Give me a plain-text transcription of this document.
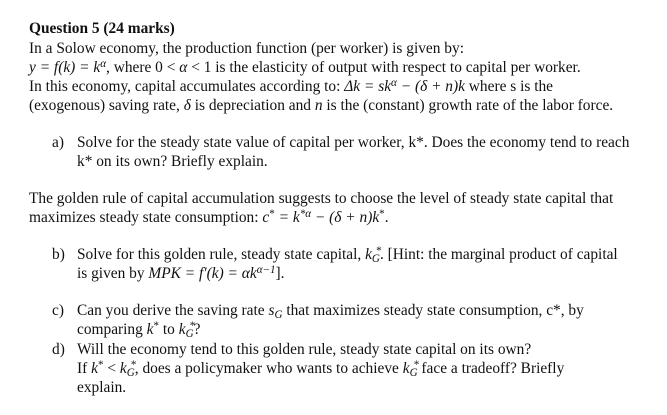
Question 5 (24 marks)
In a Solow economy, the production function (per worker) is given by:
$y = f(k) = k^\alpha$, where 0 < α < 1 is the elasticity of output with respect to capital per worker.
In this economy, capital accumulates according to: $\Delta k = sk^\alpha - (\delta + n)k$ where s is the
(exogenous) saving rate, δ is depreciation and n is the (constant) growth rate of the labor force.
a) Solve for the steady state value of capital per worker, k*. Does the economy tend to reach
k* on its own? Briefly explain.
The golden rule of capital accumulation suggests to choose the level of steady state capital that
maximizes steady state consumption: $c^* = k^{*\alpha} - (\delta + n)k^*$.
b) Solve for this golden rule, steady state capital, k *
$_G$. [Hint: the marginal product of capital
is given by MPK = $f'(k) = \alpha k^{\alpha-1}$].
c) Can you derive the saving rate $s_G$ that maximizes steady state consumption, c*, by
comparing k* to k *
$_G$?
d) Will the economy tend to this golden rule, steady state capital on its own?
If k* < k *
$_G$, does a policymaker who wants to achieve k *
$_G$ face a tradeoff? Briefly
explain.
